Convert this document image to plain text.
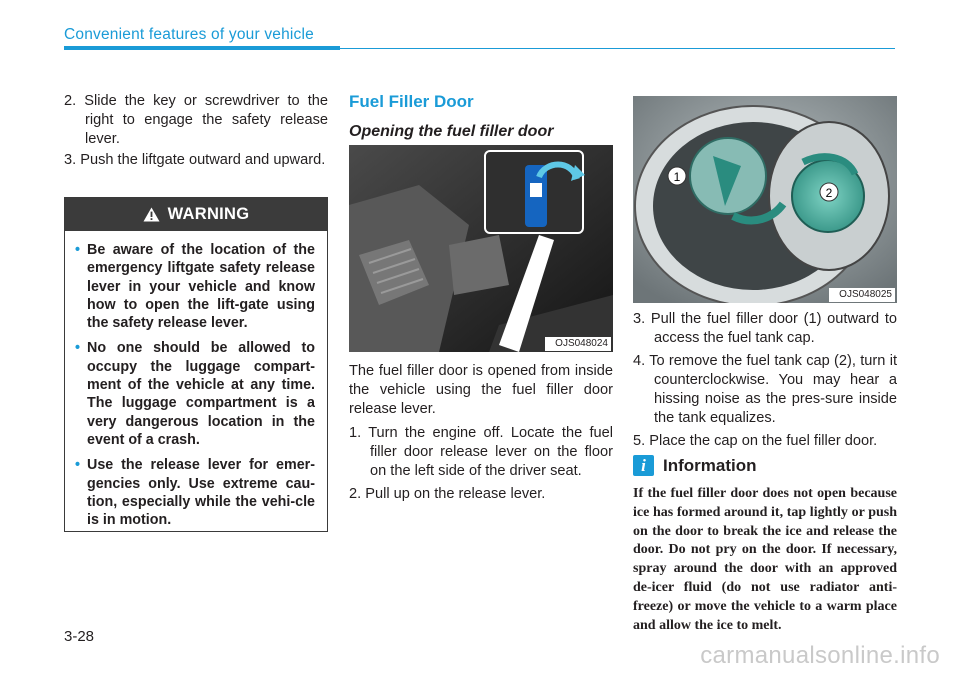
Convenient features of your vehicle

2. Slide the key or screwdriver to the right to engage the safety release lever.

3. Push the liftgate outward and upward.

WARNING
• Be aware of the location of the emergency liftgate safety release lever in your vehicle and know how to open the lift-gate using the safety release lever.
• No one should be allowed to occupy the luggage compart-ment of the vehicle at any time. The luggage compartment is a very dangerous location in the event of a crash.
• Use the release lever for emer-gencies only. Use extreme cau-tion, especially while the vehi-cle is in motion.

Fuel Filler Door

Opening the fuel filler door

OJS048024

The fuel filler door is opened from inside the vehicle using the fuel filler door release lever.

1. Turn the engine off. Locate the fuel filler door release lever on the floor on the left side of the driver seat.

2. Pull up on the release lever.

1
2
OJS048025

3. Pull the fuel filler door (1) outward to access the fuel tank cap.

4. To remove the fuel tank cap (2), turn it counterclockwise. You may hear a hissing noise as the pres-sure inside the tank equalizes.

5. Place the cap on the fuel filler door.

i	Information

If the fuel filler door does not open because ice has formed around it, tap lightly or push on the door to break the ice and release the door. Do not pry on the door. If necessary, spray around the door with an approved de-icer fluid (do not use radiator anti-freeze) or move the vehicle to a warm place and allow the ice to melt.

3-28
carmanualsonline.info
